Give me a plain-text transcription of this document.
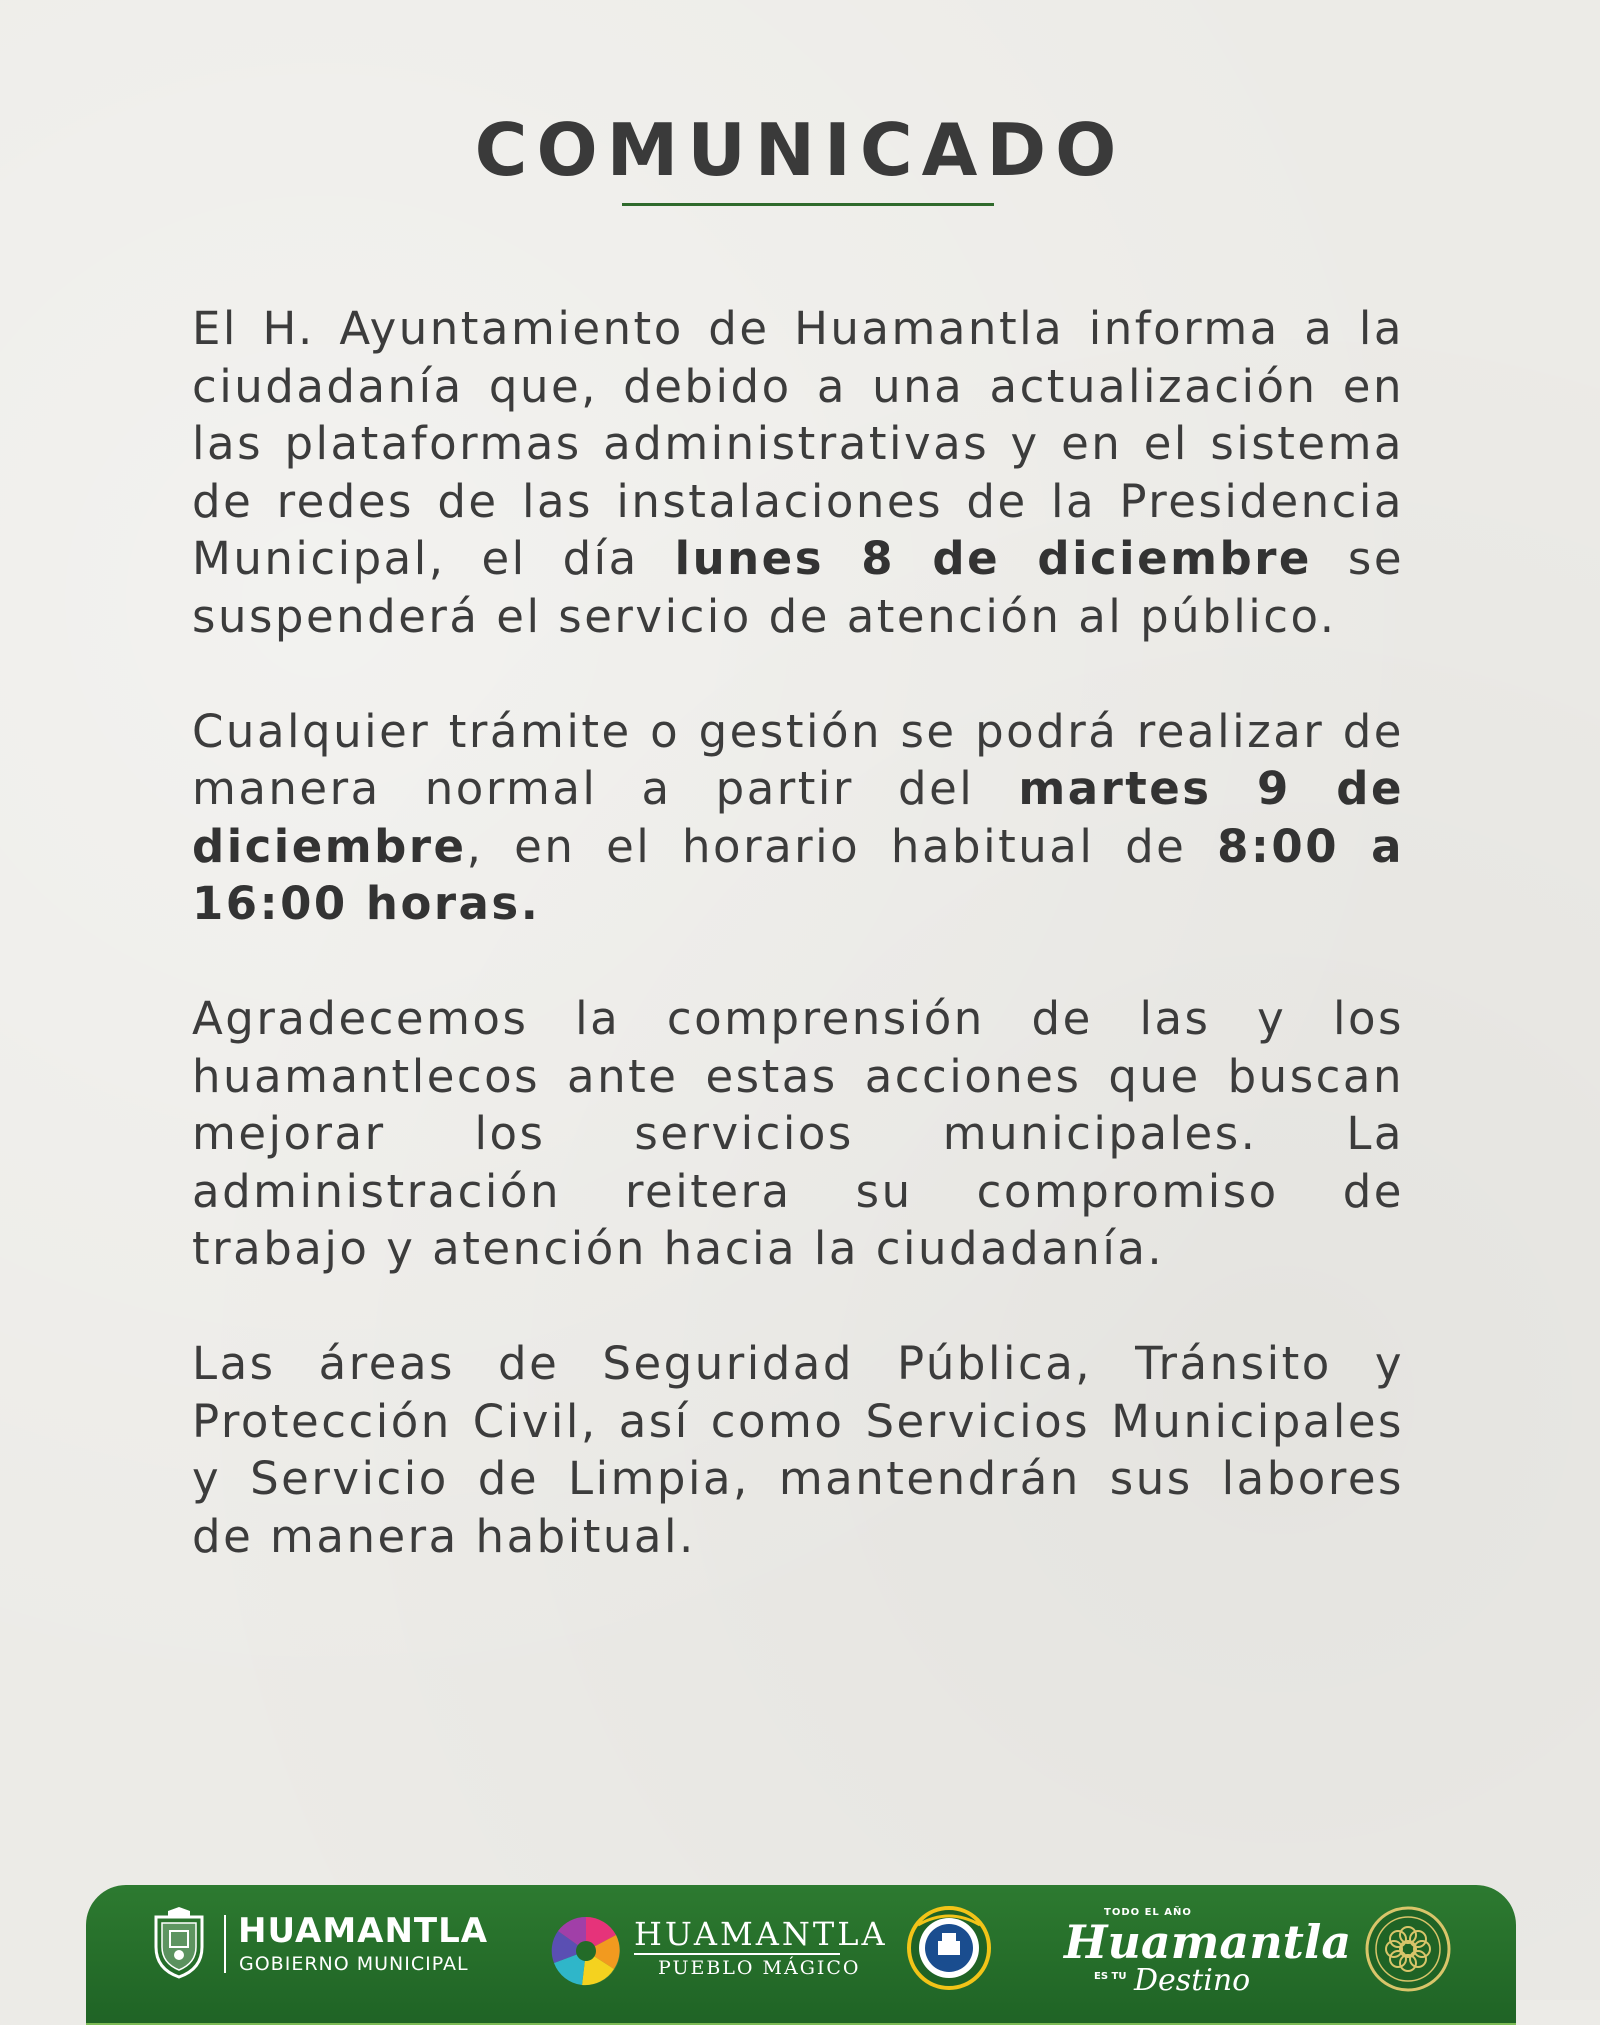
COMUNICADO

El H. Ayuntamiento de Huamantla informa a la ciudadanía que, debido a una actualización en las plataformas administrativas y en el sistema de redes de las instalaciones de la Presidencia Municipal, el día lunes 8 de diciembre se suspenderá el servicio de atención al público.

Cualquier trámite o gestión se podrá realizar de manera normal a partir del martes 9 de diciembre, en el horario habitual de 8:00 a 16:00 horas.

Agradecemos la comprensión de las y los huamantlecos ante estas acciones que buscan mejorar los servicios municipales. La administración reitera su compromiso de trabajo y atención hacia la ciudadanía.

Las áreas de Seguridad Pública, Tránsito y Protección Civil, así como Servicios Municipales y Servicio de Limpia, mantendrán sus labores de manera habitual.

HUAMANTLA
GOBIERNO MUNICIPAL
HUAMANTLA
PUEBLO MÁGICO
TODO EL AÑO
Huamantla
ES TU Destino
